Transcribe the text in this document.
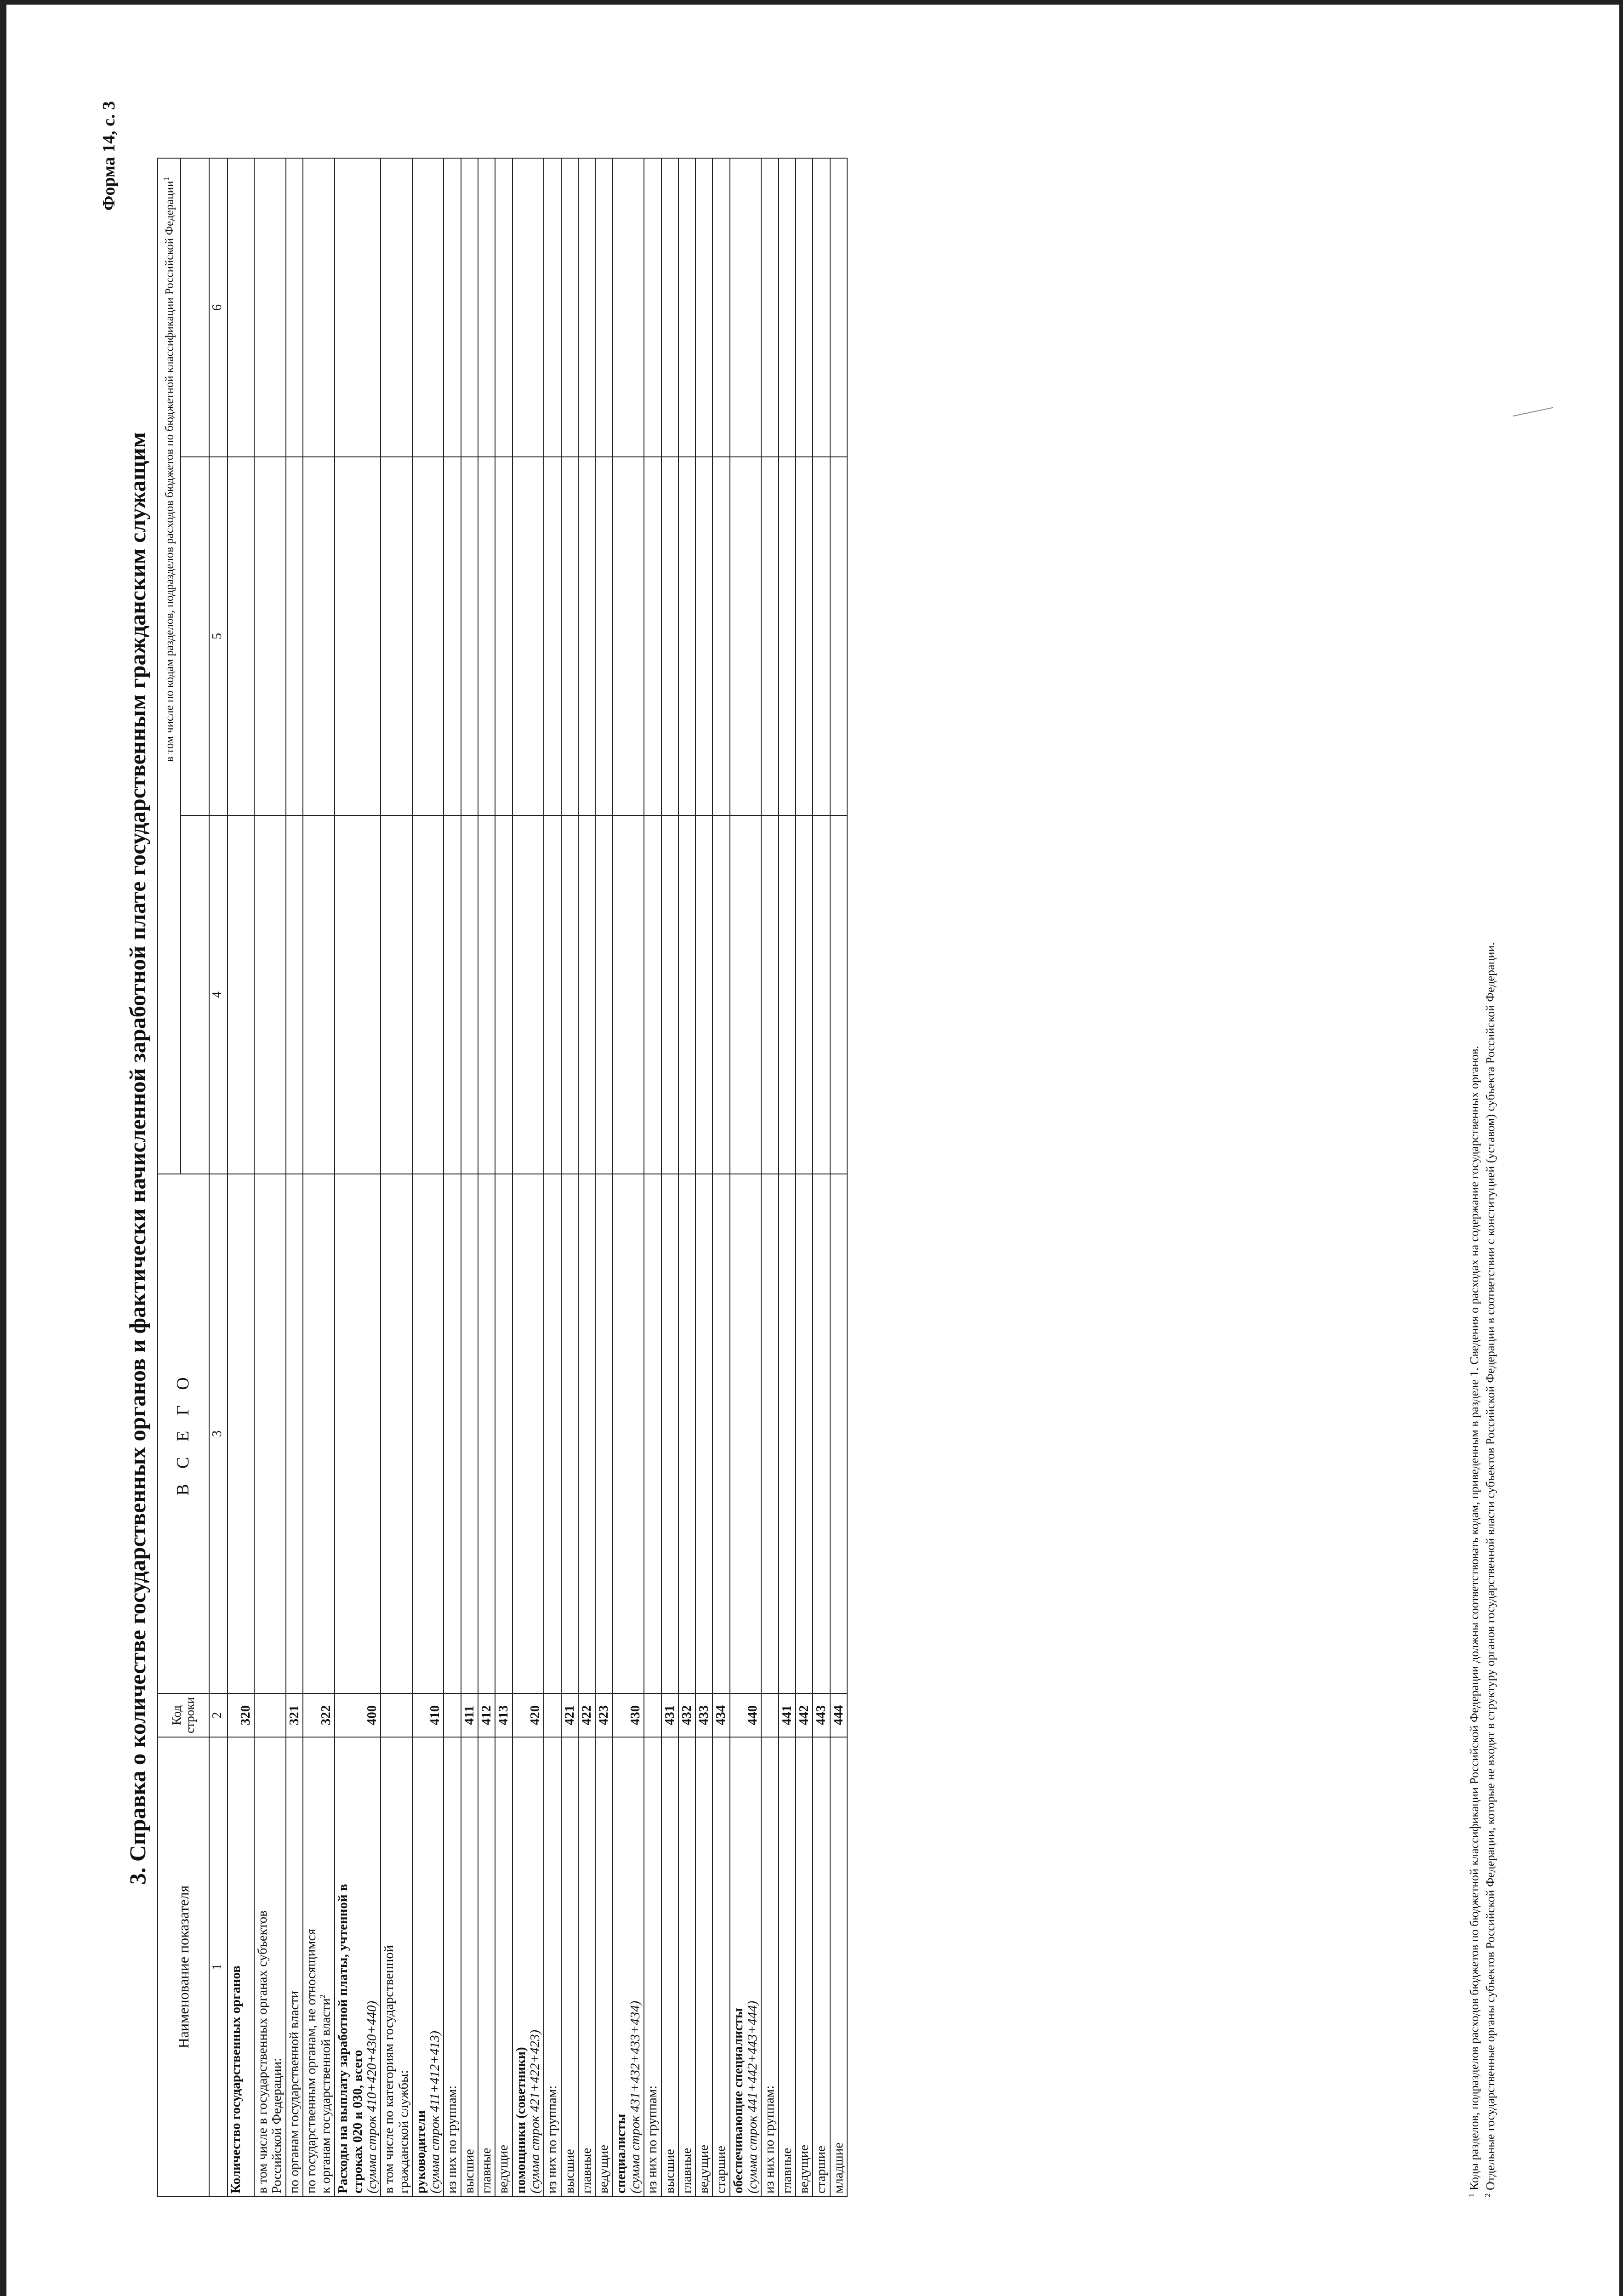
Форма 14, с. 3
3. Справка о количестве государственных органов и фактически начисленной заработной плате государственным гражданским служащим
Наименование показателя	Код строки	В С Е Г О	в том числе по кодам разделов, подразделов расходов бюджетов по бюджетной классификации Российской Федерации$^1$

1	2	3	4	5	6

Количество государственных органов	320				

в том числе в государственных органах субъектов Российской Федерации:					

по органам государственной власти	321				

по государственным органам, не относящимся к органам государственной власти$^2$	322				

Расходы на выплату заработной платы, учтенной в строках 020 и 030, всего (сумма строк 410+420+430+440)	400				

в том числе по категориям государственной гражданской службы:					

руководители (сумма строк 411+412+413)	410				

из них по группам:					

высшие	411				

главные	412				

ведущие	413				

помощники (советники) (сумма строк 421+422+423)	420				

из них по группам:					

высшие	421				

главные	422				

ведущие	423				

специалисты (сумма строк 431+432+433+434)	430				

из них по группам:					

высшие	431				

главные	432				

ведущие	433				

старшие	434				

обеспечивающие специалисты (сумма строк 441+442+443+444)	440				

из них по группам:					

главные	441				

ведущие	442				

старшие	443				

младшие	444				
$^1$ Коды разделов, подразделов расходов бюджетов по бюджетной классификации Российской Федерации должны соответствовать кодам, приведенным в разделе 1. Сведения о расходах на содержание государственных органов.
$^2$ Отдельные государственные органы субъектов Российской Федерации, которые не входят в структуру органов государственной власти субъектов Российской Федерации в соответствии с конституцией (уставом) субъекта Российской Федерации.
